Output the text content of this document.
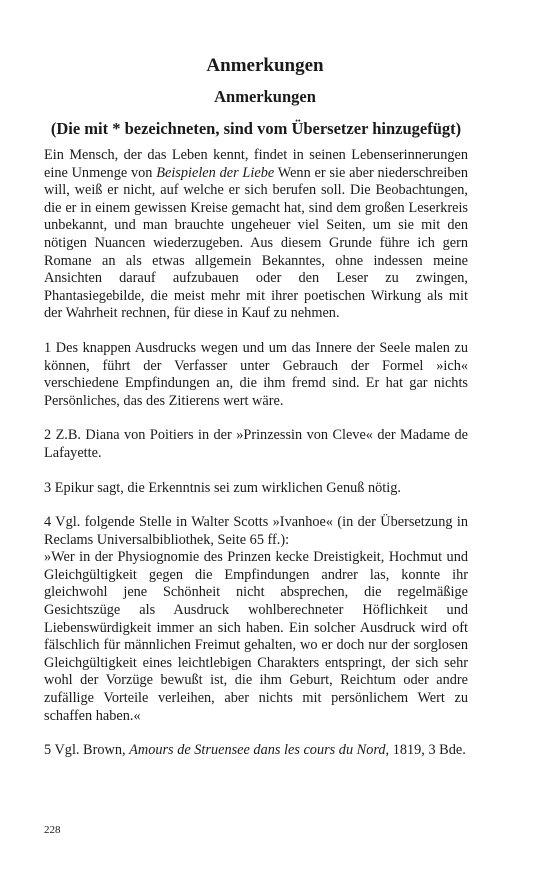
Anmerkungen
Anmerkungen
(Die mit * bezeichneten, sind vom Übersetzer hinzugefügt)

Ein Mensch, der das Leben kennt, findet in seinen Lebenserinnerungen eine Unmenge von Beispielen der Liebe Wenn er sie aber niederschreiben will, weiß er nicht, auf welche er sich berufen soll. Die Beobachtungen, die er in einem gewissen Kreise gemacht hat, sind dem großen Leserkreis unbekannt, und man brauchte ungeheuer viel Seiten, um sie mit den nötigen Nuancen wiederzugeben. Aus diesem Grunde führe ich gern Romane an als etwas allgemein Bekanntes, ohne indessen meine Ansichten darauf aufzubauen oder den Leser zu zwingen, Phantasiegebilde, die meist mehr mit ihrer poetischen Wirkung als mit der Wahrheit rechnen, für diese in Kauf zu nehmen.

1 Des knappen Ausdrucks wegen und um das Innere der Seele malen zu können, führt der Verfasser unter Gebrauch der Formel »ich« verschiedene Empfindungen an, die ihm fremd sind. Er hat gar nichts Persönliches, das des Zitierens wert wäre.

2 Z.B. Diana von Poitiers in der »Prinzessin von Cleve« der Madame de Lafayette.

3 Epikur sagt, die Erkenntnis sei zum wirklichen Genuß nötig.

4 Vgl. folgende Stelle in Walter Scotts »Ivanhoe« (in der Übersetzung in Reclams Universalbibliothek, Seite 65 ff.):
»Wer in der Physiognomie des Prinzen kecke Dreistigkeit, Hochmut und Gleichgültigkeit gegen die Empfindungen andrer las, konnte ihr gleichwohl jene Schönheit nicht absprechen, die regelmäßige Gesichtszüge als Ausdruck wohlberechneter Höflichkeit und Liebenswürdigkeit immer an sich haben. Ein solcher Ausdruck wird oft fälschlich für männlichen Freimut gehalten, wo er doch nur der sorglosen Gleichgültigkeit eines leichtlebigen Charakters entspringt, der sich sehr wohl der Vorzüge bewußt ist, die ihm Geburt, Reichtum oder andre zufällige Vorteile verleihen, aber nichts mit persönlichem Wert zu schaffen haben.«

5 Vgl. Brown, Amours de Struensee dans les cours du Nord, 1819, 3 Bde.

228
